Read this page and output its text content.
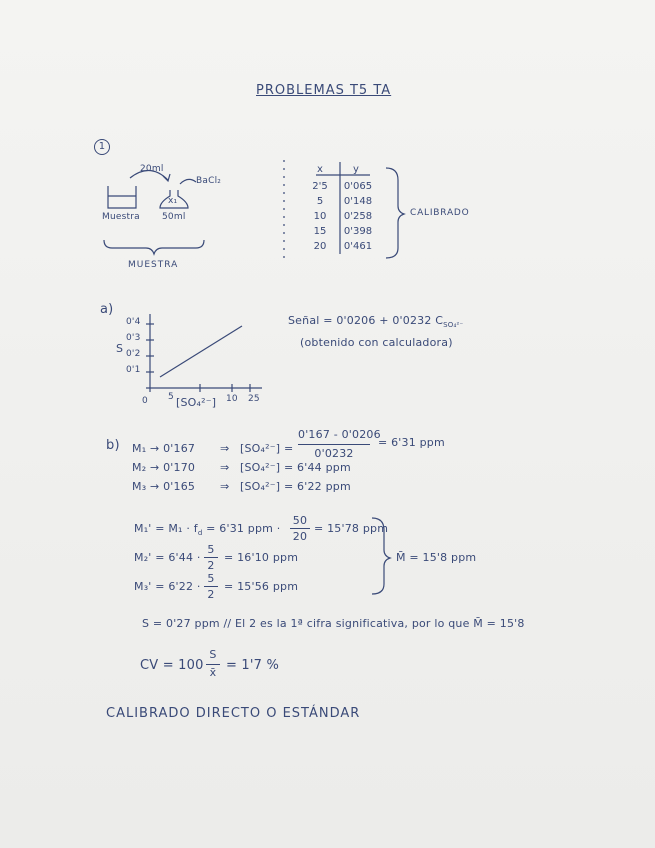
PROBLEMAS T5 TA
1
20ml
BaCl₂
x₁
Muestra 50ml
MUESTRA
x	y
2'5	0'065
5	0'148
10	0'258
15	0'398
20	0'461
CALIBRADO
a)
0'4
0'3
S 0'2
0'1
0 5 [SO₄²⁻] 10 25
Señal = 0'0206 + 0'0232 $C_{SO_4^{2-}}$
(obtenido con calculadora)
b) M₁ → 0'167 ⇒ [SO₄²⁻] =
0'167 - 0'0206
0'0232
= 6'31 ppm
M₂ → 0'170 ⇒ [SO₄²⁻] = 6'44 ppm
M₃ → 0'165 ⇒ [SO₄²⁻] = 6'22 ppm
$M_1' = M_1 \cdot f_d = 6'31$ ppm ·
50
20
= 15'78 ppm
M₂' = 6'44 ·
5
2
= 16'10 ppm
M₃' = 6'22 ·
5
2
= 15'56 ppm
M̄ = 15'8 ppm
S = 0'27 ppm // El 2 es la 1ª cifra significativa, por lo que M̄ = 15'8
CV = 100
S
x̄ = 1'7 %
CALIBRADO DIRECTO O ESTÁNDAR
